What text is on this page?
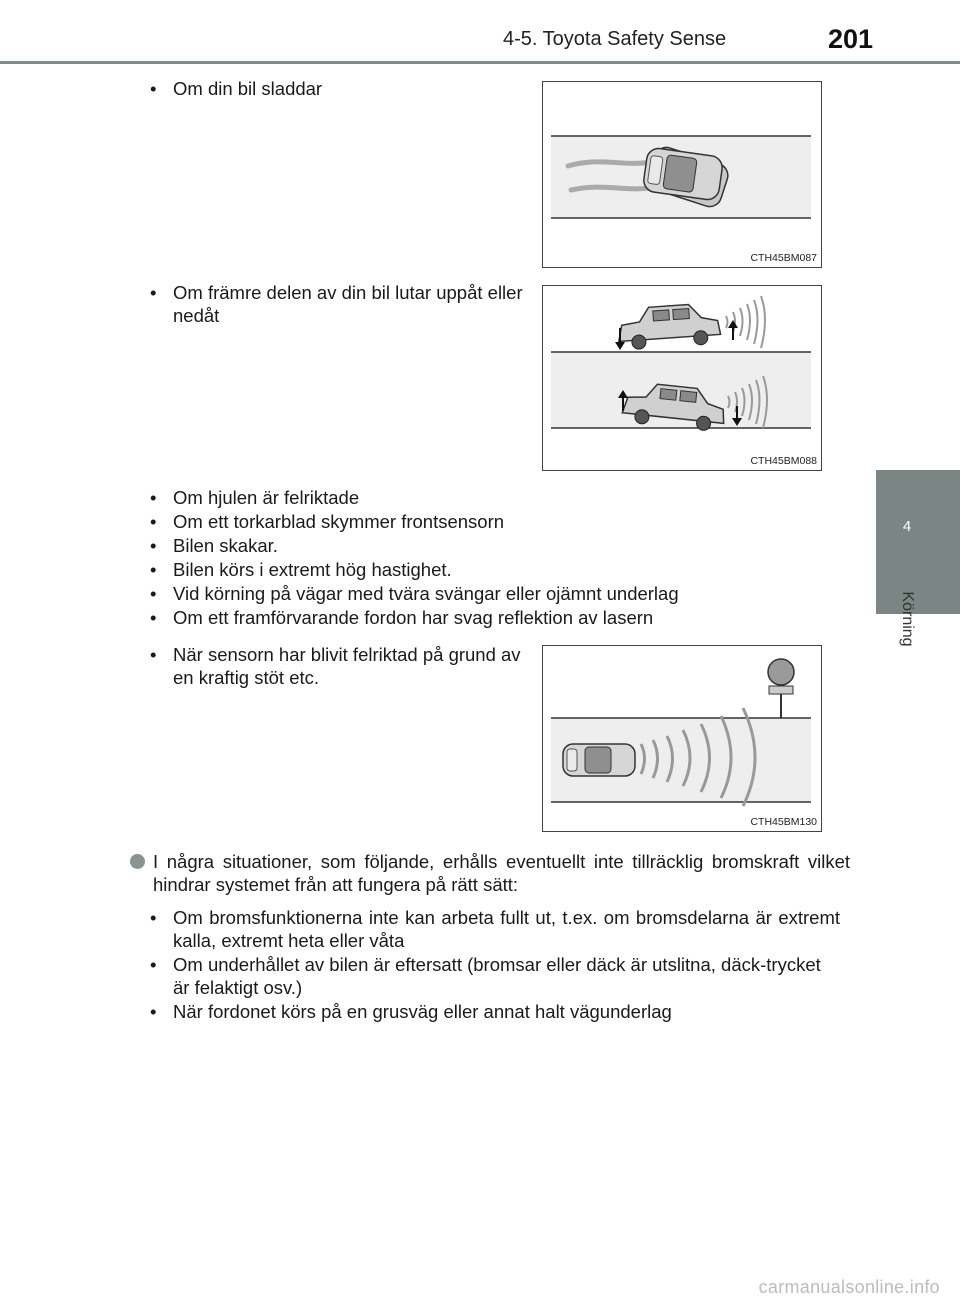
4-5. Toyota Safety Sense	201
4
Körning
• Om din bil sladdar
CTH45BM087
• Om främre delen av din bil lutar uppåt eller nedåt
CTH45BM088
• Om hjulen är felriktade
• Om ett torkarblad skymmer frontsensorn
• Bilen skakar.
• Bilen körs i extremt hög hastighet.
• Vid körning på vägar med tvära svängar eller ojämnt underlag
• Om ett framförvarande fordon har svag reflektion av lasern
• När sensorn har blivit felriktad på grund av en kraftig stöt etc.
CTH45BM130
I några situationer, som följande, erhålls eventuellt inte tillräcklig bromskraft vilket hindrar systemet från att fungera på rätt sätt:
• Om bromsfunktionerna inte kan arbeta fullt ut, t.ex. om bromsdelarna är extremt kalla, extremt heta eller våta
• Om underhållet av bilen är eftersatt (bromsar eller däck är utslitna, däck-trycket är felaktigt osv.)
• När fordonet körs på en grusväg eller annat halt vägunderlag
carmanualsonline.info
